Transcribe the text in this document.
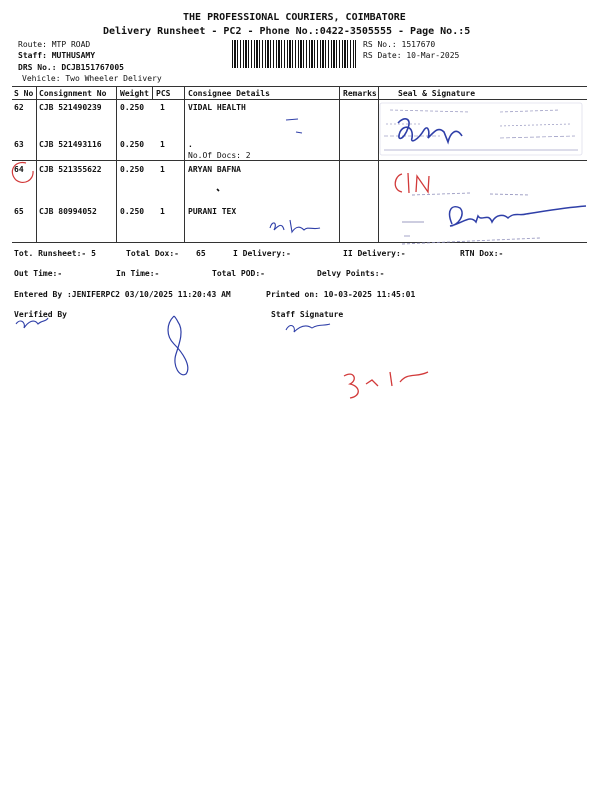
THE PROFESSIONAL COURIERS, COIMBATORE
Delivery Runsheet - PC2 - Phone No.:0422-3505555 - Page No.:5
Route: MTP ROAD
Staff: MUTHUSAMY
DRS No.: DCJB151767005
Vehicle: Two Wheeler Delivery
RS No.: 1517670
RS Date: 10-Mar-2025
S No Consignment No Weight PCS Consignee Details	Remarks	Seal & Signature
62 CJB 521490239 0.250 1	VIDAL HEALTH
63 CJB 521493116 0.250 1	.
No.Of Docs: 2
64 CJB 521355622 0.250 1	ARYAN BAFNA
65 CJB 80994052	0.250 1	PURANI TEX
Tot. Runsheet:- 5	Total Dox:- 65	I Delivery:-	II Delivery:-	RTN Dox:-
Out Time:-	In Time:-	Total POD:-	Delvy Points:-
Entered By :JENIFERPC2 03/10/2025 11:20:43 AM	Printed on: 10-03-2025 11:45:01
Verified By	Staff Signature
